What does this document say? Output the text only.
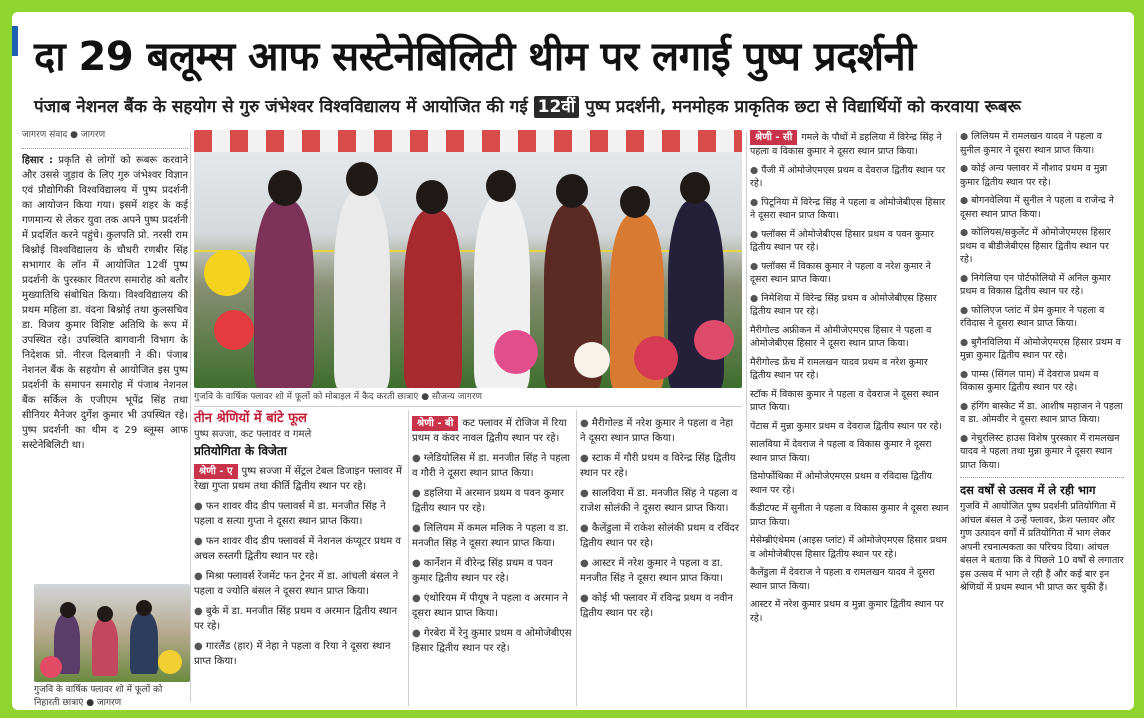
दा 29 बलूम्स आफ सस्टेनेबिलिटी थीम पर लगाई पुष्प प्रदर्शनी
पंजाब नेशनल बैंक के सहयोग से गुरु जंभेश्वर विश्वविद्यालय में आयोजित की गई 12वीं पुष्प प्रदर्शनी, मनमोहक प्राकृतिक छटा से विद्यार्थियों को करवाया रूबरू

जागरण संवाद ● जागरण

हिसार : प्रकृति से लोगों को रूबरू करवाने और उससे जुड़ाव के लिए गुरु जंभेश्वर विज्ञान एवं प्रौद्योगिकी विश्वविद्यालय में पुष्प प्रदर्शनी का आयोजन किया गया। इसमें शहर के कई गणमान्य से लेकर युवा तक अपने पुष्प प्रदर्शनी में प्रदर्शित करने पहुंचे। कुलपति प्रो. नरसी राम बिश्नोई विश्वविद्यालय के चौधरी रणबीर सिंह सभागार के लॉन में आयोजित 12वीं पुष्प प्रदर्शनी के पुरस्कार वितरण समारोह को बतौर मुख्यातिथि संबोधित किया। विश्वविद्यालय की प्रथम महिला डा. वंदना बिश्नोई तथा कुलसचिव डा. विजय कुमार विशिष्ट अतिथि के रूप में उपस्थित रहे। उपस्थिति बागवानी विभाग के निदेशक प्रो. नीरज दिलबाग़ी ने की। पंजाब नेशनल बैंक के सहयोग से आयोजित इस पुष्प प्रदर्शनी के समापन समारोह में पंजाब नेशनल बैंक सर्किल के एजीएम भूपेंद्र सिंह तथा सीनियर मैनेजर दुर्गेश कुमार भी उपस्थित रहे। पुष्प प्रदर्शनी का थीम द 29 ब्लूम्स आफ सस्टेनेबिलिटी था।

गुजवि के वार्षिक फ्लावर शो में फूलों को निहारती छात्राएं ● जागरण
गुजवि के वार्षिक फ्लावर शो में फूलों को मोबाइल में कैद करती छात्राएं ● सौजन्य जागरण
तीन श्रेणियों में बांटे फूल
पुष्प सज्जा, कट फ्लावर व गमले
प्रतियोगिता के विजेता

श्रेणी - ए पुष्प सज्जा में सेंट्रल टेबल डिजाइन फ्लावर में रेखा गुप्ता प्रथम तथा कीर्ति द्वितीय स्थान पर रहे।

● फन शावर वीद डीप फ्लावर्स में डा. मनजीत सिंह ने पहला व सत्या गुप्ता ने दूसरा स्थान प्राप्त किया।

● फन शावर वीद डीप फ्लावर्स में नेशनल कंप्यूटर प्रथम व अचल रुस्तगी द्वितीय स्थान पर रहे।

● मिश्रा फ्लावर्स रेंजमेंट फन ट्रेनर में डा. आंचली बंसल ने पहला व ज्योति बंसल ने दूसरा स्थान प्राप्त किया।

● बुके में डा. मनजीत सिंह प्रथम व अरमान द्वितीय स्थान पर रहे।

● गारलैंड (हार) में नेहा ने पहला व रिया ने दूसरा स्थान प्राप्त किया।

श्रेणी - बी कट फ्लावर में रोजिज में रिया प्रथम व कंवर नावल द्वितीय स्थान पर रहे।

● ग्लेडियोलिस में डा. मनजीत सिंह ने पहला व गौरी ने दूसरा स्थान प्राप्त किया।

● डहलिया में अरमान प्रथम व पवन कुमार द्वितीय स्थान पर रहे।

● लिलियम में कमल मलिक ने पहला व डा. मनजीत सिंह ने दूसरा स्थान प्राप्त किया।

● कार्नेशन में वीरेन्द्र सिंह प्रथम व पवन कुमार द्वितीय स्थान पर रहे।

● एंथोरियम में पीयूष ने पहला व अरमान ने दूसरा स्थान प्राप्त किया।

● गेरबेरा में रेनु कुमार प्रथम व ओमोजेबीएस हिसार द्वितीय स्थान पर रहे।

● मैरीगोल्ड में नरेश कुमार ने पहला व नेहा ने दूसरा स्थान प्राप्त किया।

● स्टाक में गौरी प्रथम व विरेन्द्र सिंह द्वितीय स्थान पर रहे।

● सालविया में डा. मनजीत सिंह ने पहला व राजेश सोलंकी ने दूसरा स्थान प्राप्त किया।

● कैलेंडुला में राकेश सोलंकी प्रथम व रविंदर द्वितीय स्थान पर रहे।

● आस्टर में नरेश कुमार ने पहला व डा. मनजीत सिंह ने दूसरा स्थान प्राप्त किया।

● कोई भी फ्लावर में रविन्द्र प्रथम व नवीन द्वितीय स्थान पर रहे।

श्रेणी - सी गमले के पौधों में डहलिया में विरेन्द्र सिंह ने पहला व विकास कुमार ने दूसरा स्थान प्राप्त किया।

● पैंजी में ओमोजेएमएस प्रथम व देवराज द्वितीय स्थान पर रहे।

● पिटूनिया में विरेन्द्र सिंह ने पहला व ओमोजेबीएस हिसार ने दूसरा स्थान प्राप्त किया।

● फ्लॉक्स में ओमोजेबीएस हिसार प्रथम व पवन कुमार द्वितीय स्थान पर रहे।

● फ्लॉक्स में विकास कुमार ने पहला व नरेश कुमार ने दूसरा स्थान प्राप्त किया।

● निमेशिया में विरेन्द्र सिंह प्रथम व ओमोजेबीएस हिसार द्वितीय स्थान पर रहे।

मैरीगोल्ड अफ्रीकन में ओमीजेएमएस हिसार ने पहला व ओमोजेबीएस हिसार ने दूसरा स्थान प्राप्त किया।

मैरीगोल्ड फ्रेंच में रामलखन यादव प्रथम व नरेश कुमार द्वितीय स्थान पर रहे।

स्टॉक में विकास कुमार ने पहला व देवराज ने दूसरा स्थान प्राप्त किया।

पेंटास में मुन्ना कुमार प्रथम व देवराज द्वितीय स्थान पर रहे।

सालविया में देवराज ने पहला व विकास कुमार ने दूसरा स्थान प्राप्त किया।

डिमोर्फोथिका में ओमोजेएमएस प्रथम व रविदास द्वितीय स्थान पर रहे।

कैंडीटफ्ट में सुनीता ने पहला व विकास कुमार ने दूसरा स्थान प्राप्त किया।

मेसेम्ब्रीएंथेमम (आइस प्लांट) में ओमोजेएमएस हिसार प्रथम व ओमोजेबीएस हिसार द्वितीय स्थान पर रहे।

कैलेंडुला में देवराज ने पहला व रामलखन यादव ने दूसरा स्थान प्राप्त किया।

आस्टर में नरेश कुमार प्रथम व मुन्ना कुमार द्वितीय स्थान पर रहे।

● लिलियम में रामलखन यादव ने पहला व सुनील कुमार ने दूसरा स्थान प्राप्त किया।

● कोई अन्य फ्लावर में नौशाद प्रथम व मुन्ना कुमार द्वितीय स्थान पर रहे।

● बोगनवेलिया में सुनील ने पहला व राजेन्द्र ने दूसरा स्थान प्राप्त किया।

● कोलियस/सकुलेंट में ओमोजेएमएस हिसार प्रथम व बीडीजेबीएस हिसार द्वितीय स्थान पर रहे।

● निगेलिया एन पोर्टफोलियो में अनिल कुमार प्रथम व विकास द्वितीय स्थान पर रहे।

● फोलिएज प्लांट में प्रेम कुमार ने पहला व रविदास ने दूसरा स्थान प्राप्त किया।

● बुगैनविलिया में ओमोजेएमएस हिसार प्रथम व मुन्ना कुमार द्वितीय स्थान पर रहे।

● पाम्स (सिंगल पाम) में देवराज प्रथम व विकास कुमार द्वितीय स्थान पर रहे।

● हंगिंग बास्केट में डा. आशीष महाजन ने पहला व डा. ओमवीर ने दूसरा स्थान प्राप्त किया।

● नेचुरलिस्ट हाउस विशेष पुरस्कार में रामलखन यादव ने पहला तथा मुन्ना कुमार ने दूसरा स्थान प्राप्त किया।

दस वर्षों से उत्सव में ले रही भाग

गुजवि में आयोजित पुष्प प्रदर्शनी प्रतियोगिता में आंचल बंसल ने उन्हें फ्लावर, फ्रेश फ्लावर और गुण उत्पादन वर्गों में प्रतियोगिता में भाग लेकर अपनी रचनात्मकता का परिचय दिया। आंचल बंसल ने बताया कि वे पिछले 10 वर्षों से लगातार इस उत्सव में भाग ले रही हैं और कई बार इन श्रेणियों में प्रथम स्थान भी प्राप्त कर चुकी हैं।
